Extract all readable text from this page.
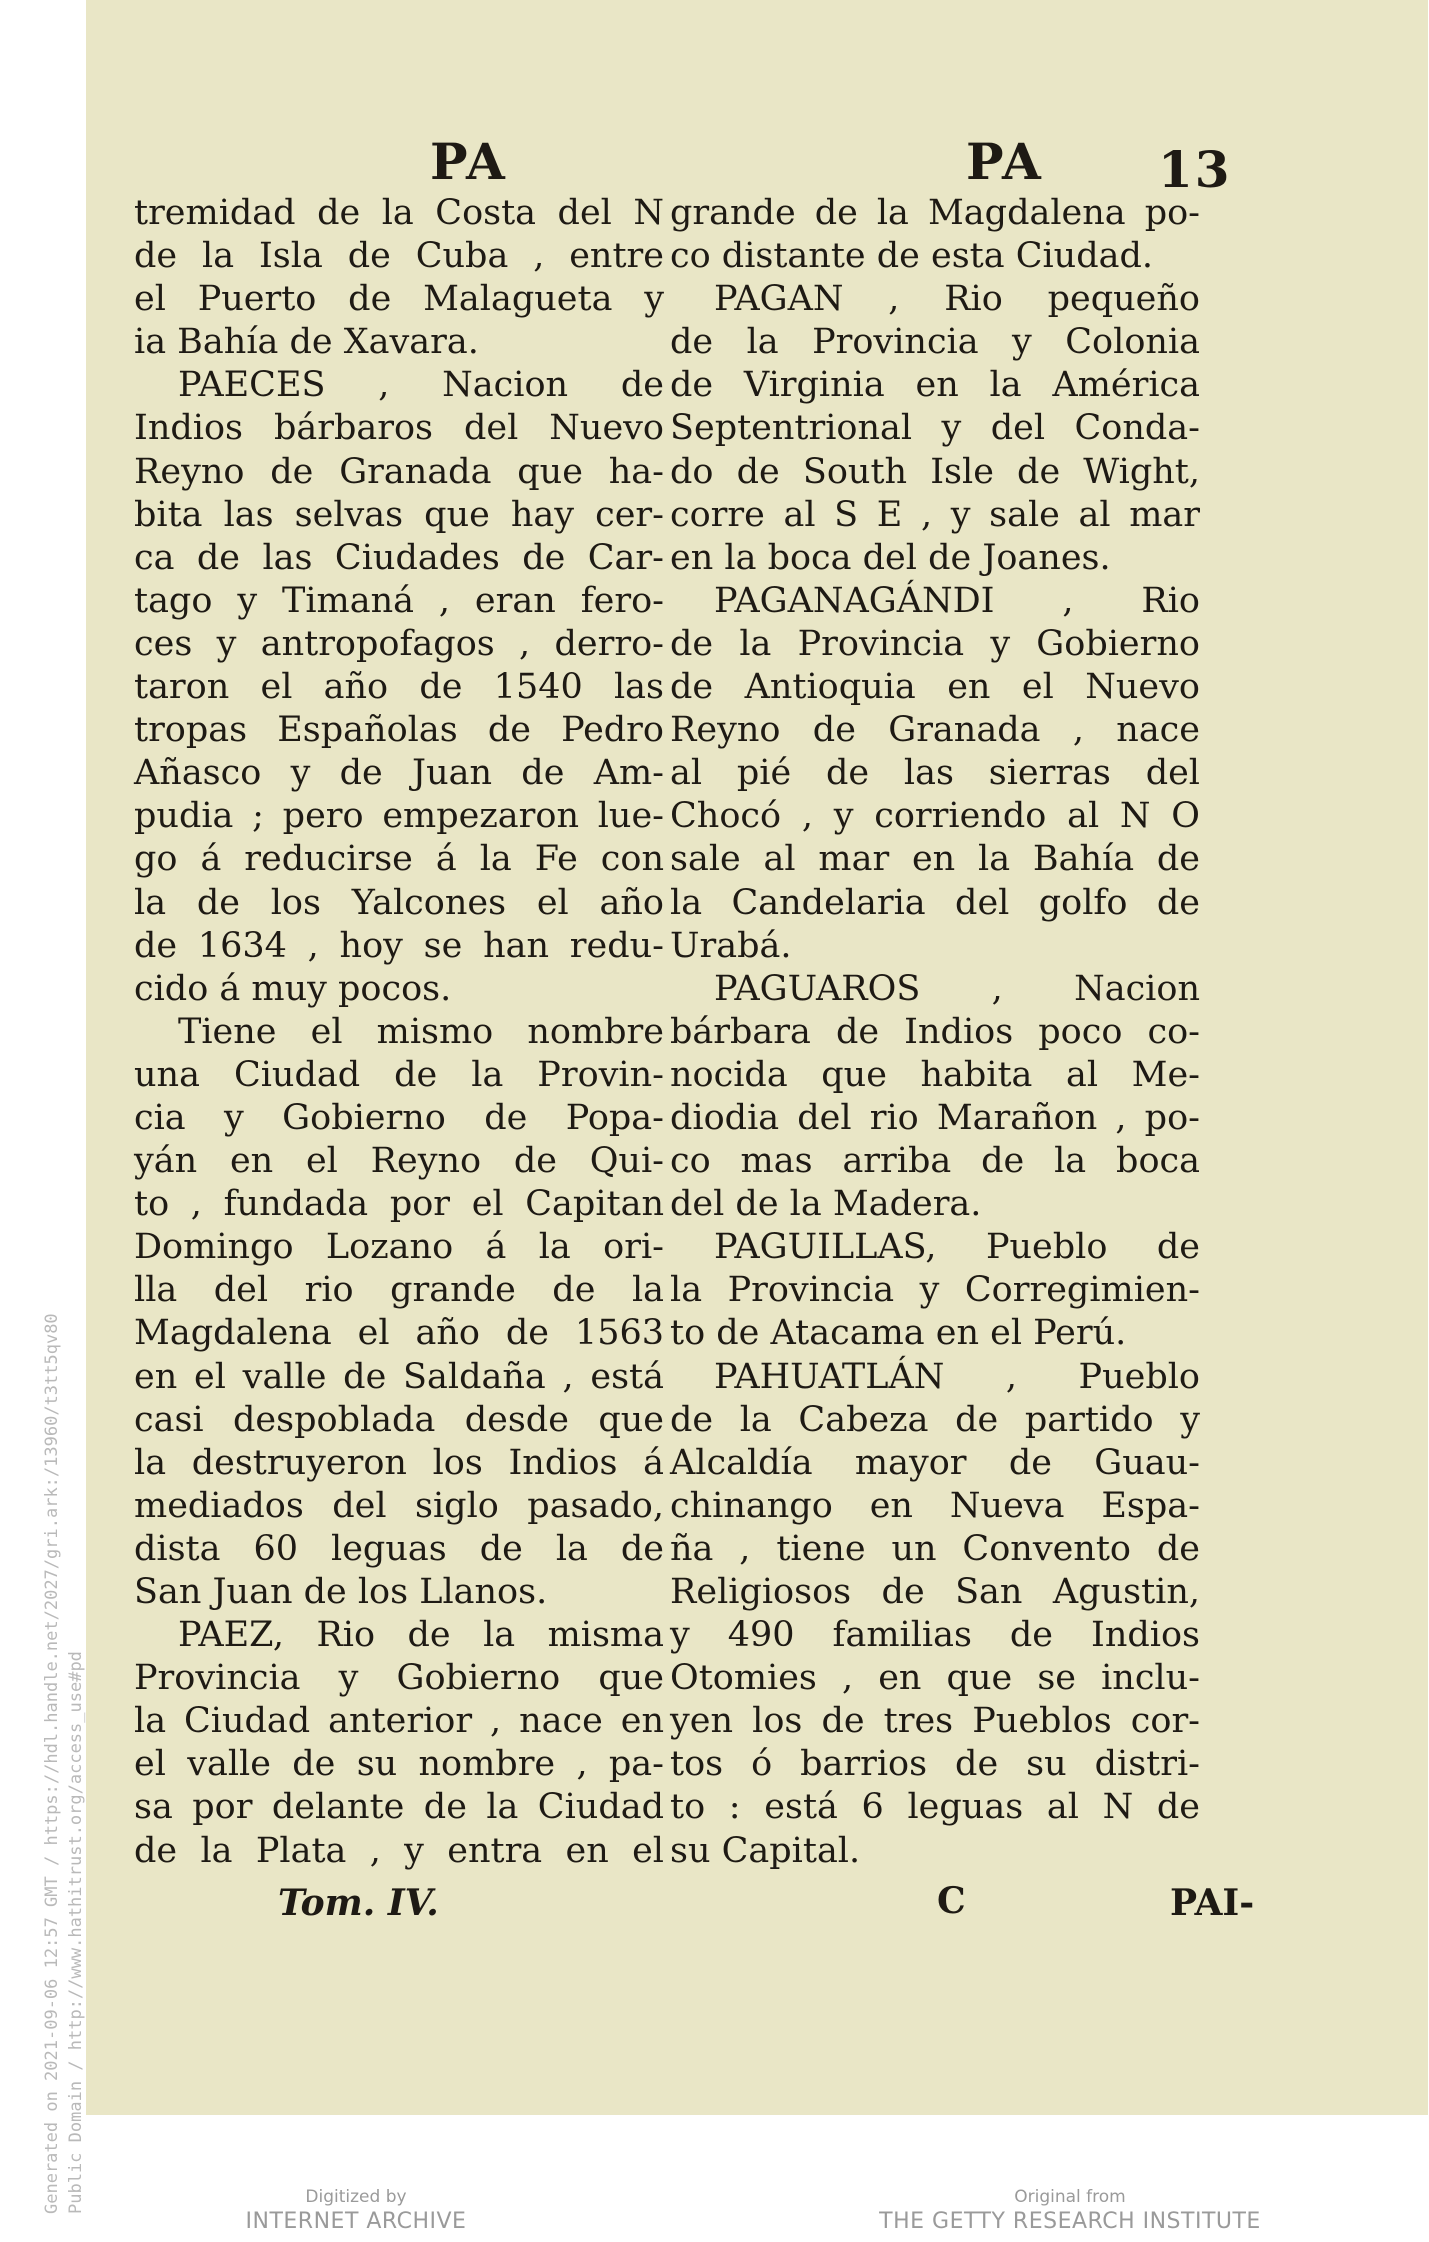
Generated on 2021-09-06 12:57 GMT / https://hdl.handle.net/2027/gri.ark:/13960/t3tt5qv80 Public Domain / http://www.hathitrust.org/access_use#pd
PA	PA 13
tremidad de la Costa del N
de la Isla de Cuba , entre
el Puerto de Malagueta y
ia Bahía de Xavara.
PAECES , Nacion de
Indios bárbaros del Nuevo
Reyno de Granada que ha-
bita las selvas que hay cer-
ca de las Ciudades de Car-
tago y Timaná , eran fero-
ces y antropofagos , derro-
taron el año de 1540 las
tropas Españolas de Pedro
Añasco y de Juan de Am-
pudia ; pero empezaron lue-
go á reducirse á la Fe con
la de los Yalcones el año
de 1634 , hoy se han redu-
cido á muy pocos.
Tiene el mismo nombre
una Ciudad de la Provin-
cia y Gobierno de Popa-
yán en el Reyno de Qui-
to , fundada por el Capitan
Domingo Lozano á la ori-
lla del rio grande de la
Magdalena el año de 1563
en el valle de Saldaña , está
casi despoblada desde que
la destruyeron los Indios á
mediados del siglo pasado,
dista 60 leguas de la de
San Juan de los Llanos.
PAEZ, Rio de la misma
Provincia y Gobierno que
la Ciudad anterior , nace en
el valle de su nombre , pa-
sa por delante de la Ciudad
de la Plata , y entra en el
grande de la Magdalena po-
co distante de esta Ciudad.
PAGAN , Rio pequeño
de la Provincia y Colonia
de Virginia en la América
Septentrional y del Conda-
do de South Isle de Wight,
corre al S E , y sale al mar
en la boca del de Joanes.
PAGANAGÁNDI , Rio
de la Provincia y Gobierno
de Antioquia en el Nuevo
Reyno de Granada , nace
al pié de las sierras del
Chocó , y corriendo al N O
sale al mar en la Bahía de
la Candelaria del golfo de
Urabá.
PAGUAROS , Nacion
bárbara de Indios poco co-
nocida que habita al Me-
diodia del rio Marañon , po-
co mas arriba de la boca
del de la Madera.
PAGUILLAS, Pueblo de
la Provincia y Corregimien-
to de Atacama en el Perú.
PAHUATLÁN , Pueblo
de la Cabeza de partido y
Alcaldía mayor de Guau-
chinango en Nueva Espa-
ña , tiene un Convento de
Religiosos de San Agustin,
y 490 familias de Indios
Otomies , en que se inclu-
yen los de tres Pueblos cor-
tos ó barrios de su distri-
to : está 6 leguas al N de
su Capital.
Tom. IV.	C	PAI-
Digitized by
INTERNET ARCHIVE
Original from
THE GETTY RESEARCH INSTITUTE
